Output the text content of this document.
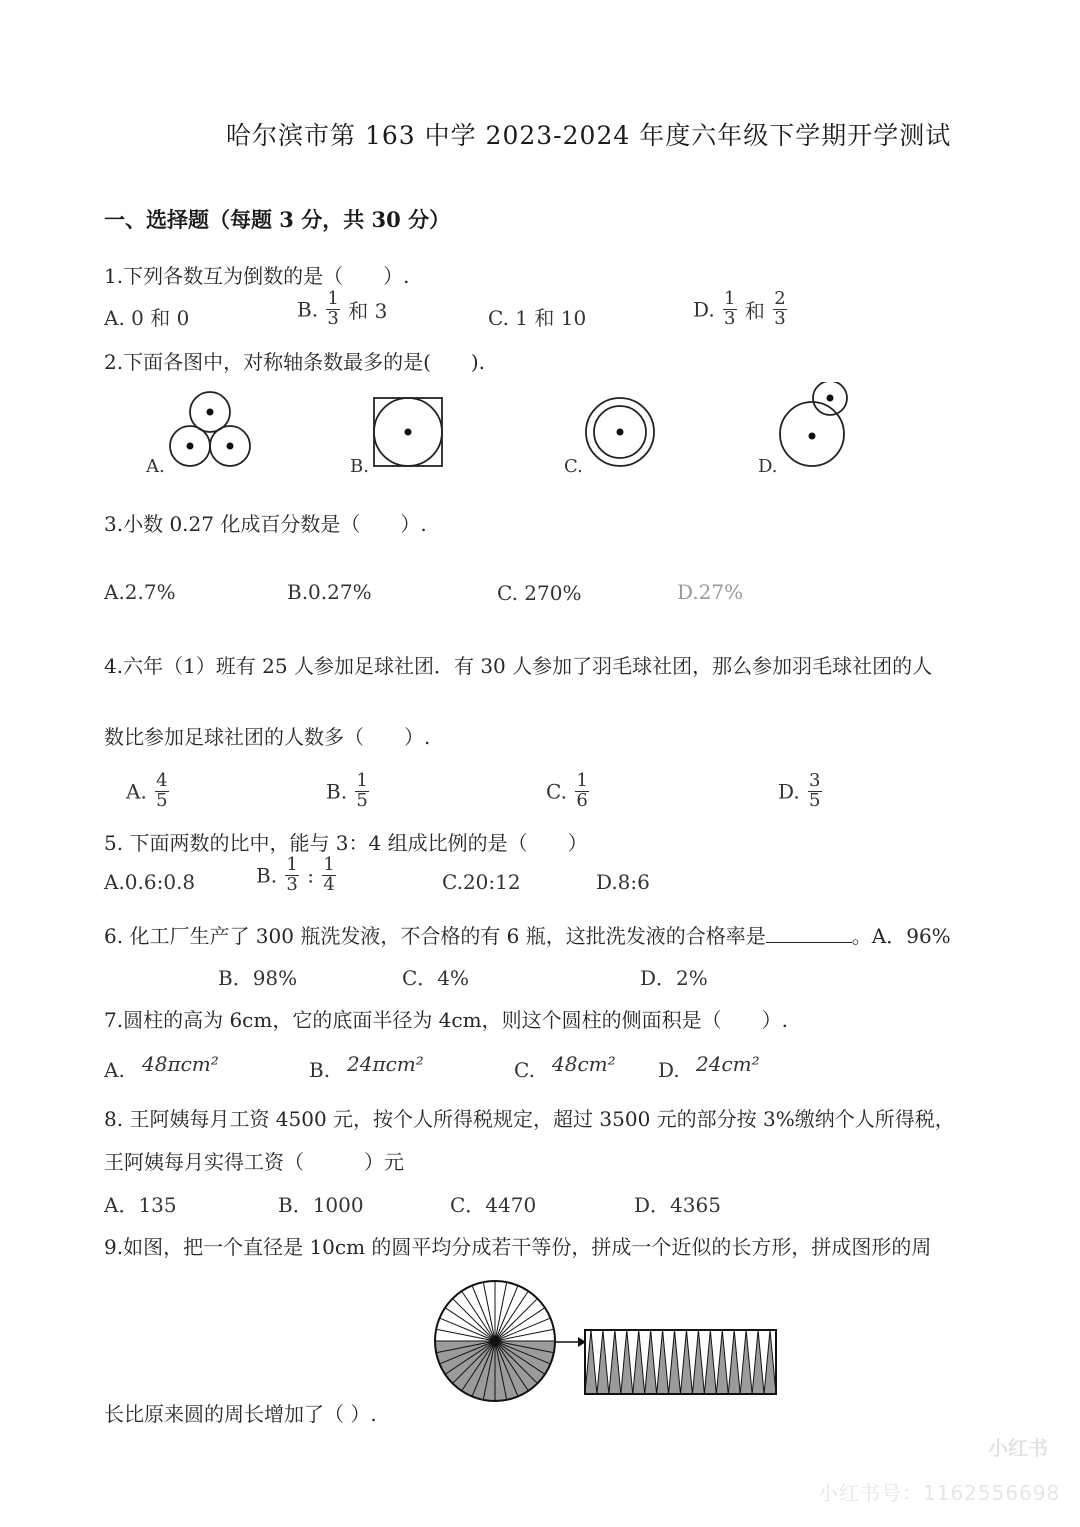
哈尔滨市第 163 中学 2023-2024 年度六年级下学期开学测试
一、选择题（每题 3 分，共 30 分）
1.下列各数互为倒数的是（　　）.
A. 0 和 0	B. $\frac{1}{3}$ 和 3	C. 1 和 10	D. $\frac{1}{3}$ 和 $\frac{2}{3}$
2.下面各图中，对称轴条数最多的是(　　).
A.	B.	C.	D.
3.小数 0.27 化成百分数是（　　）.
A.2.7%	B.0.27%	C. 270%	D.27%
4.六年（1）班有 25 人参加足球社团．有 30 人参加了羽毛球社团，那么参加羽毛球社团的人
数比参加足球社团的人数多（　　）.
A. $\frac{4}{5}$	B. $\frac{1}{5}$	C. $\frac{1}{6}$	D. $\frac{3}{5}$
5. 下面两数的比中，能与 3：4 组成比例的是（　　）
A.0.6:0.8	B. $\frac{1}{3}$ : $\frac{1}{4}$	C.20:12	D.8:6
6. 化工厂生产了 300 瓶洗发液，不合格的有 6 瓶，这批洗发液的合格率是	。A．96%
B．98%	C．4%	D．2%
7.圆柱的高为 6cm，它的底面半径为 4cm，则这个圆柱的侧面积是（　　）.
A. 48πcm²	B. 24πcm²	C. 48cm² D. 24cm²
8. 王阿姨每月工资 4500 元，按个人所得税规定，超过 3500 元的部分按 3%缴纳个人所得税，
王阿姨每月实得工资（　　　）元
A．135	B．1000	C．4470	D．4365
9.如图，把一个直径是 10cm 的圆平均分成若干等份，拼成一个近似的长方形，拼成图形的周
长比原来圆的周长增加了（ ）.
小红书
小红书号：1162556698
